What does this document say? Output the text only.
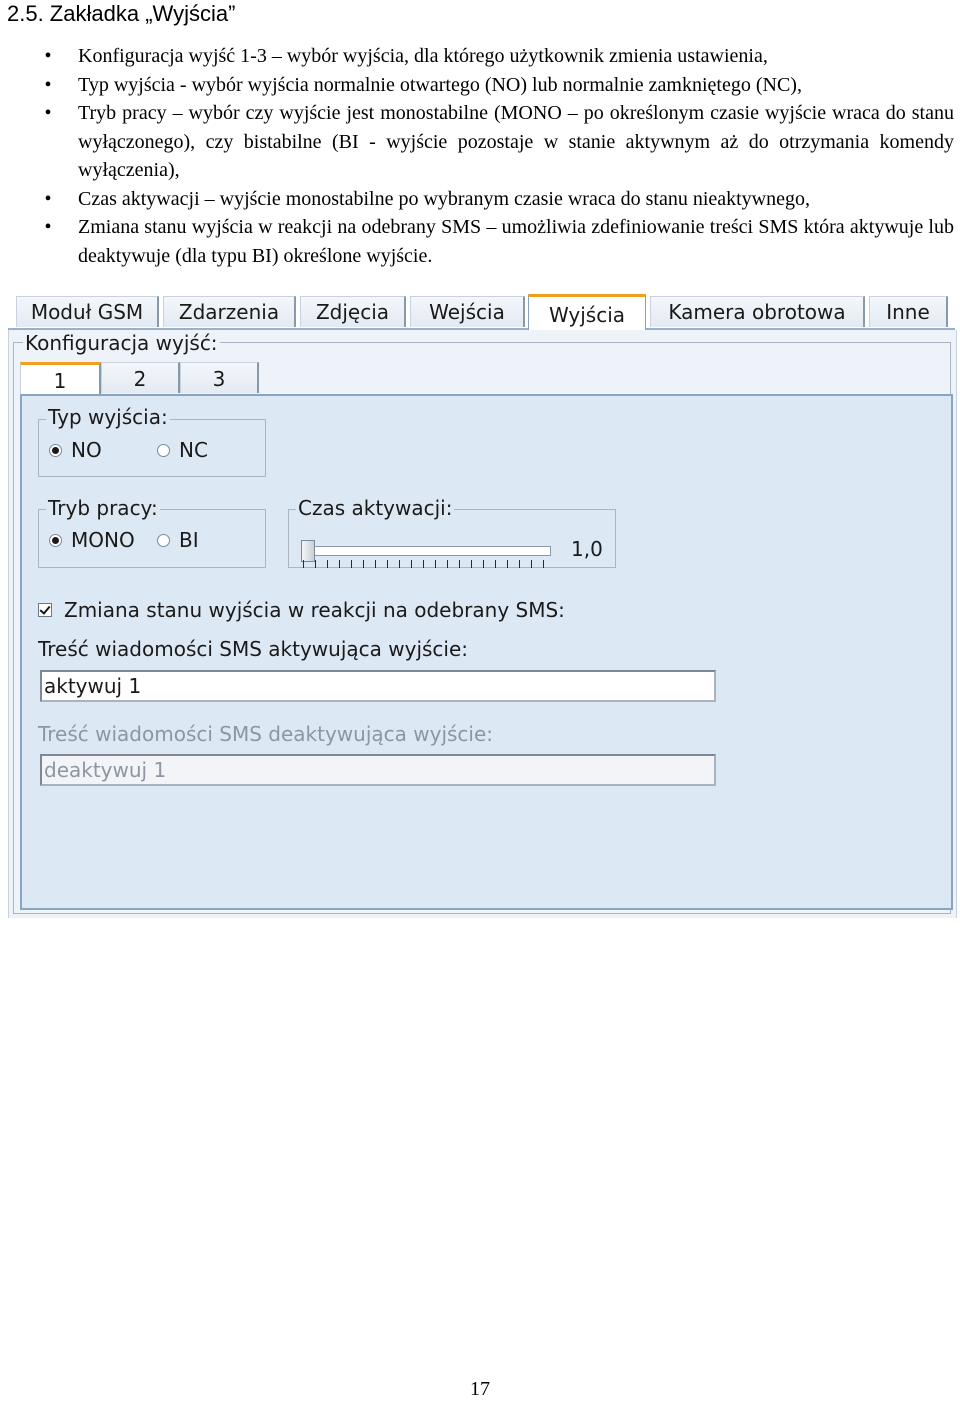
2.5. Zakładka „Wyjścia”
• Konfiguracja wyjść 1-3 – wybór wyjścia, dla którego użytkownik zmienia ustawienia,
• Typ wyjścia - wybór wyjścia normalnie otwartego (NO) lub normalnie zamkniętego (NC),
• Tryb pracy – wybór czy wyjście jest monostabilne (MONO – po określonym czasie wyjście wraca do stanu wyłączonego), czy bistabilne (BI - wyjście pozostaje w stanie aktywnym aż do otrzymania komendy wyłączenia),
• Czas aktywacji – wyjście monostabilne po wybranym czasie wraca do stanu nieaktywnego,
• Zmiana stanu wyjścia w reakcji na odebrany SMS – umożliwia zdefiniowanie treści SMS która aktywuje lub deaktywuje (dla typu BI) określone wyjście.
Moduł GSM	Zdarzenia	Zdjęcia	Wejścia	Wyjścia	Kamera obrotowa	Inne
Konfiguracja wyjść:
1	2	3
Typ wyjścia:
NO	NC
Tryb pracy:
MONO	BI	1,0
Czas aktywacji:
Zmiana stanu wyjścia w reakcji na odebrany SMS:
Treść wiadomości SMS aktywująca wyjście:
aktywuj 1
Treść wiadomości SMS deaktywująca wyjście:
deaktywuj 1
17
